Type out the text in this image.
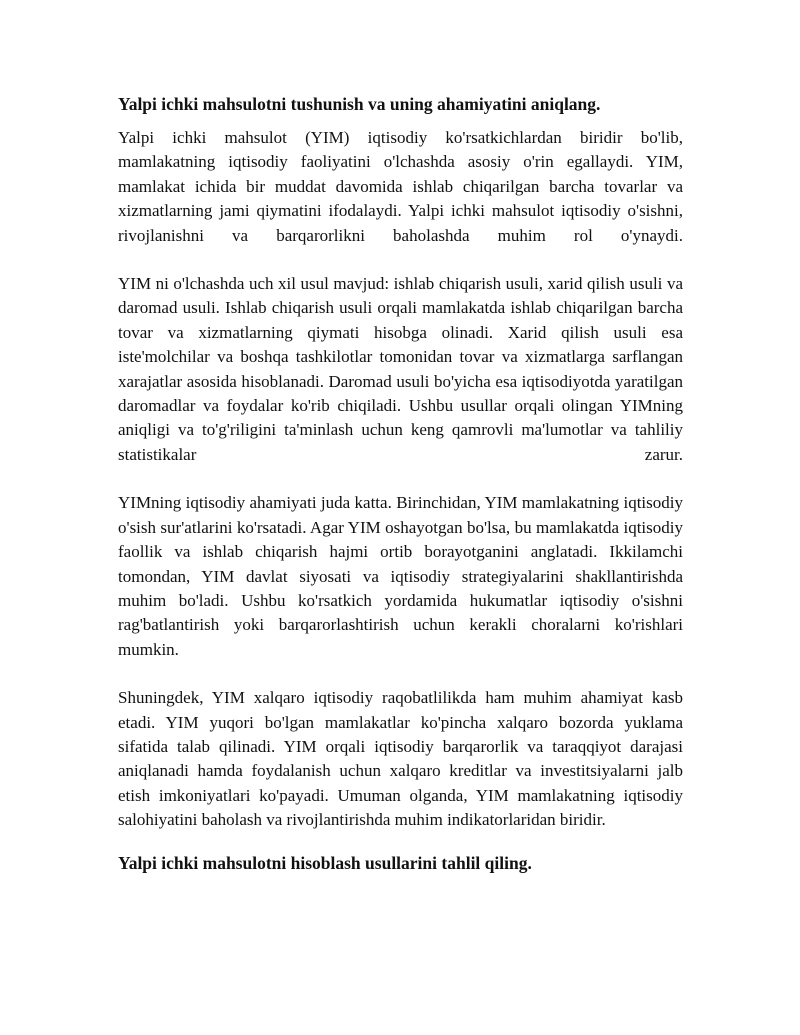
Yalpi ichki mahsulotni tushunish va uning ahamiyatini aniqlang.

Yalpi ichki mahsulot (YIM) iqtisodiy ko'rsatkichlardan biridir bo'lib, mamlakatning iqtisodiy faoliyatini o'lchashda asosiy o'rin egallaydi. YIM, mamlakat ichida bir muddat davomida ishlab chiqarilgan barcha tovarlar va xizmatlarning jami qiymatini ifodalaydi. Yalpi ichki mahsulot iqtisodiy o'sishni, rivojlanishni va barqarorlikni baholashda muhim rol o'ynaydi.

YIM ni o'lchashda uch xil usul mavjud: ishlab chiqarish usuli, xarid qilish usuli va daromad usuli. Ishlab chiqarish usuli orqali mamlakatda ishlab chiqarilgan barcha tovar va xizmatlarning qiymati hisobga olinadi. Xarid qilish usuli esa iste'molchilar va boshqa tashkilotlar tomonidan tovar va xizmatlarga sarflangan xarajatlar asosida hisoblanadi. Daromad usuli bo'yicha esa iqtisodiyotda yaratilgan daromadlar va foydalar ko'rib chiqiladi. Ushbu usullar orqali olingan YIMning aniqligi va to'g'riligini ta'minlash uchun keng qamrovli ma'lumotlar va tahliliy statistikalar zarur.

YIMning iqtisodiy ahamiyati juda katta. Birinchidan, YIM mamlakatning iqtisodiy o'sish sur'atlarini ko'rsatadi. Agar YIM oshayotgan bo'lsa, bu mamlakatda iqtisodiy faollik va ishlab chiqarish hajmi ortib borayotganini anglatadi. Ikkilamchi tomondan, YIM davlat siyosati va iqtisodiy strategiyalarini shakllantirishda muhim bo'ladi. Ushbu ko'rsatkich yordamida hukumatlar iqtisodiy o'sishni rag'batlantirish yoki barqarorlashtirish uchun kerakli choralarni ko'rishlari mumkin.

Shuningdek, YIM xalqaro iqtisodiy raqobatlilikda ham muhim ahamiyat kasb etadi. YIM yuqori bo'lgan mamlakatlar ko'pincha xalqaro bozorda yuklama sifatida talab qilinadi. YIM orqali iqtisodiy barqarorlik va taraqqiyot darajasi aniqlanadi hamda foydalanish uchun xalqaro kreditlar va investitsiyalarni jalb etish imkoniyatlari ko'payadi. Umuman olganda, YIM mamlakatning iqtisodiy salohiyatini baholash va rivojlantirishda muhim indikatorlaridan biridir.

Yalpi ichki mahsulotni hisoblash usullarini tahlil qiling.
